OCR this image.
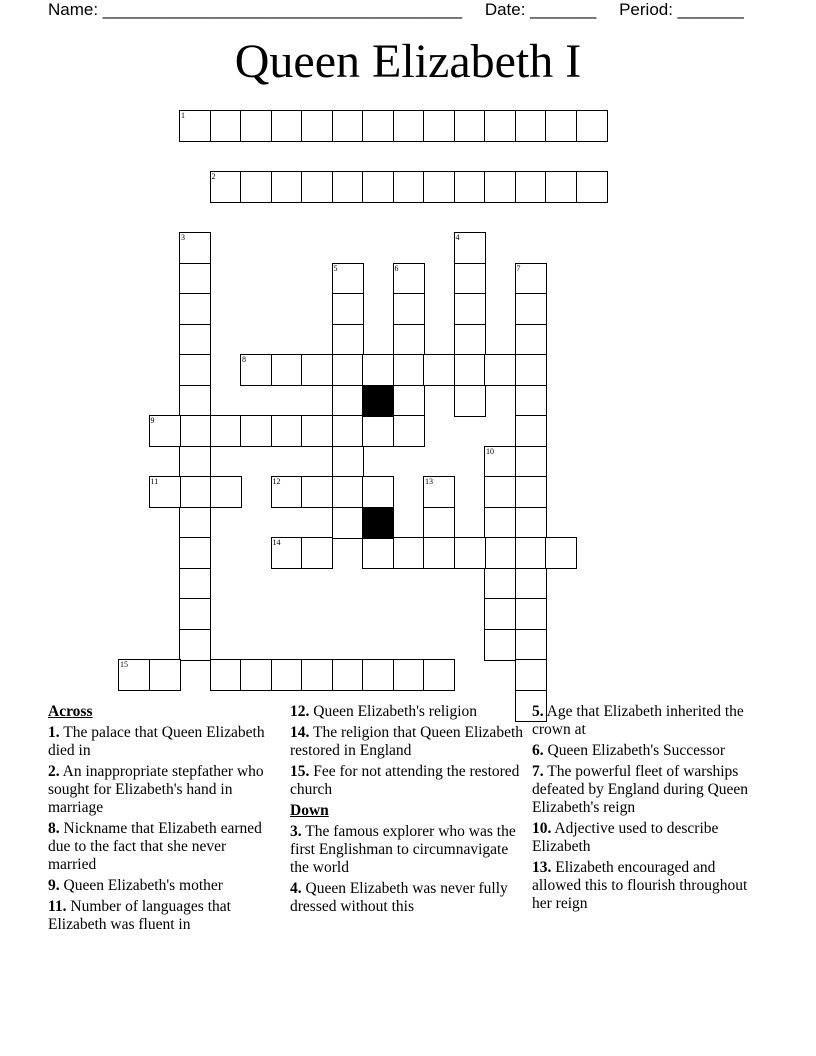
Name: ______________________________________ Date: _______ Period: _______
Queen Elizabeth I
1
2
3	4
5	6	7
8
9
10
11	12	13
14
15
Across
1. The palace that Queen Elizabeth died in
2. An inappropriate stepfather who sought for Elizabeth's hand in marriage
8. Nickname that Elizabeth earned due to the fact that she never married
9. Queen Elizabeth's mother
11. Number of languages that Elizabeth was fluent in
12. Queen Elizabeth's religion
14. The religion that Queen Elizabeth restored in England
15. Fee for not attending the restored church
Down
3. The famous explorer who was the first Englishman to circumnavigate the world
4. Queen Elizabeth was never fully dressed without this
5. Age that Elizabeth inherited the crown at
6. Queen Elizabeth's Successor
7. The powerful fleet of warships defeated by England during Queen Elizabeth's reign
10. Adjective used to describe Elizabeth
13. Elizabeth encouraged and allowed this to flourish throughout her reign
